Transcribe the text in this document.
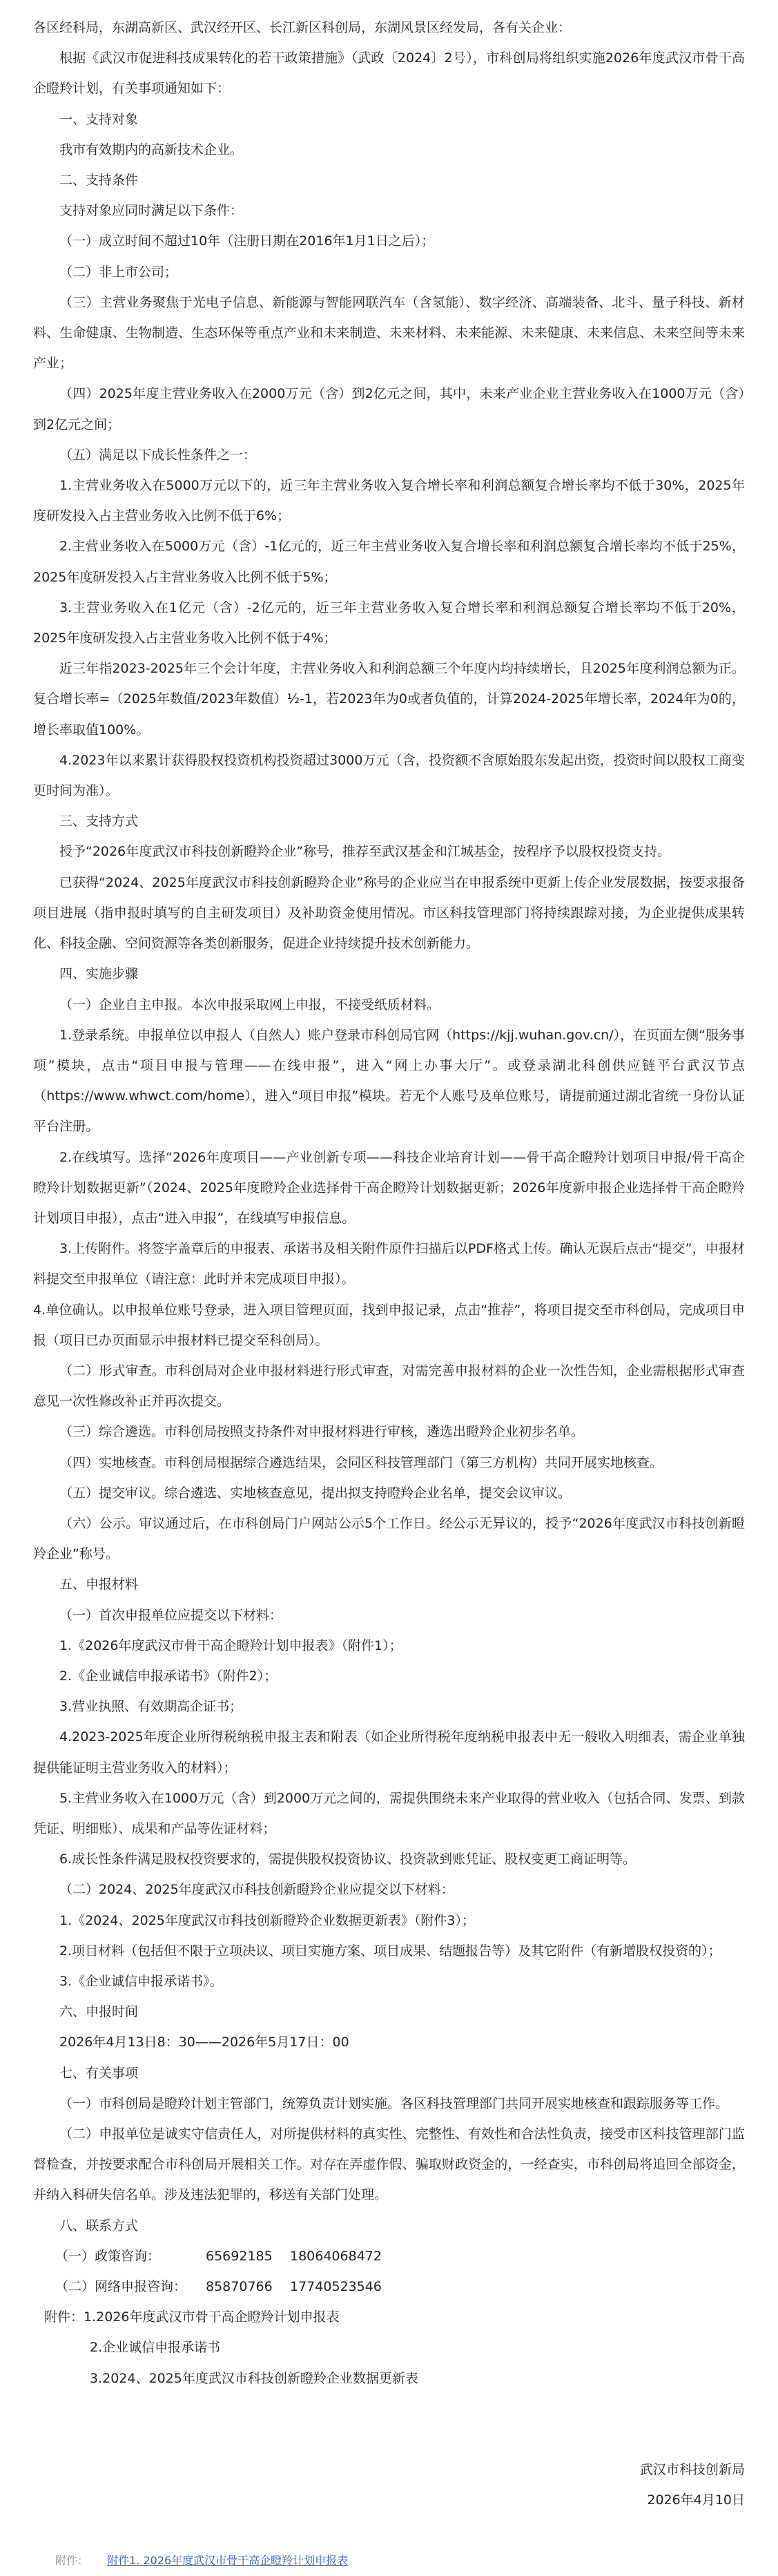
各区经科局，东湖高新区、武汉经开区、长江新区科创局，东湖风景区经发局，各有关企业：

根据《武汉市促进科技成果转化的若干政策措施》（武政〔2024〕2号），市科创局将组织实施2026年度武汉市骨干高企瞪羚计划，有关事项通知如下：

一、支持对象

我市有效期内的高新技术企业。

二、支持条件

支持对象应同时满足以下条件：

（一）成立时间不超过10年（注册日期在2016年1月1日之后）；

（二）非上市公司；

（三）主营业务聚焦于光电子信息、新能源与智能网联汽车（含氢能）、数字经济、高端装备、北斗、量子科技、新材料、生命健康、生物制造、生态环保等重点产业和未来制造、未来材料、未来能源、未来健康、未来信息、未来空间等未来产业；

（四）2025年度主营业务收入在2000万元（含）到2亿元之间，其中，未来产业企业主营业务收入在1000万元（含）到2亿元之间；

（五）满足以下成长性条件之一：

1.主营业务收入在5000万元以下的，近三年主营业务收入复合增长率和利润总额复合增长率均不低于30%，2025年度研发投入占主营业务收入比例不低于6%；

2.主营业务收入在5000万元（含）-1亿元的，近三年主营业务收入复合增长率和利润总额复合增长率均不低于25%，2025年度研发投入占主营业务收入比例不低于5%；

3.主营业务收入在1亿元（含）-2亿元的，近三年主营业务收入复合增长率和利润总额复合增长率均不低于20%，2025年度研发投入占主营业务收入比例不低于4%；

近三年指2023-2025年三个会计年度，主营业务收入和利润总额三个年度内均持续增长，且2025年度利润总额为正。复合增长率=（2025年数值/2023年数值）½-1，若2023年为0或者负值的，计算2024-2025年增长率，2024年为0的，增长率取值100%。

4.2023年以来累计获得股权投资机构投资超过3000万元（含，投资额不含原始股东发起出资，投资时间以股权工商变更时间为准）。

三、支持方式

授予“2026年度武汉市科技创新瞪羚企业”称号，推荐至武汉基金和江城基金，按程序予以股权投资支持。

已获得“2024、2025年度武汉市科技创新瞪羚企业”称号的企业应当在申报系统中更新上传企业发展数据，按要求报备项目进展（指申报时填写的自主研发项目）及补助资金使用情况。市区科技管理部门将持续跟踪对接，为企业提供成果转化、科技金融、空间资源等各类创新服务，促进企业持续提升技术创新能力。

四、实施步骤

（一）企业自主申报。本次申报采取网上申报，不接受纸质材料。

1.登录系统。申报单位以申报人（自然人）账户登录市科创局官网（https://kjj.wuhan.gov.cn/），在页面左侧“服务事项”模块，点击“项目申报与管理——在线申报”，进入“网上办事大厅”。或登录湖北科创供应链平台武汉节点（https://www.whwct.com/home），进入“项目申报”模块。若无个人账号及单位账号，请提前通过湖北省统一身份认证平台注册。

2.在线填写。选择“2026年度项目——产业创新专项——科技企业培育计划——骨干高企瞪羚计划项目申报/骨干高企瞪羚计划数据更新”（2024、2025年度瞪羚企业选择骨干高企瞪羚计划数据更新；2026年度新申报企业选择骨干高企瞪羚计划项目申报），点击“进入申报”，在线填写申报信息。

3.上传附件。将签字盖章后的申报表、承诺书及相关附件原件扫描后以PDF格式上传。确认无误后点击“提交”，申报材料提交至申报单位（请注意：此时并未完成项目申报）。

4.单位确认。以申报单位账号登录，进入项目管理页面，找到申报记录，点击“推荐”，将项目提交至市科创局，完成项目申报（项目已办页面显示申报材料已提交至科创局）。

（二）形式审查。市科创局对企业申报材料进行形式审查，对需完善申报材料的企业一次性告知，企业需根据形式审查意见一次性修改补正并再次提交。

（三）综合遴选。市科创局按照支持条件对申报材料进行审核，遴选出瞪羚企业初步名单。

（四）实地核查。市科创局根据综合遴选结果，会同区科技管理部门（第三方机构）共同开展实地核查。

（五）提交审议。综合遴选、实地核查意见，提出拟支持瞪羚企业名单，提交会议审议。

（六）公示。审议通过后，在市科创局门户网站公示5个工作日。经公示无异议的，授予“2026年度武汉市科技创新瞪羚企业”称号。

五、申报材料

（一）首次申报单位应提交以下材料：

1.《2026年度武汉市骨干高企瞪羚计划申报表》（附件1）；

2.《企业诚信申报承诺书》（附件2）；

3.营业执照、有效期高企证书；

4.2023-2025年度企业所得税纳税申报主表和附表（如企业所得税年度纳税申报表中无一般收入明细表，需企业单独提供能证明主营业务收入的材料）；

5.主营业务收入在1000万元（含）到2000万元之间的，需提供围绕未来产业取得的营业收入（包括合同、发票、到款凭证、明细账）、成果和产品等佐证材料；

6.成长性条件满足股权投资要求的，需提供股权投资协议、投资款到账凭证、股权变更工商证明等。

（二）2024、2025年度武汉市科技创新瞪羚企业应提交以下材料：

1.《2024、2025年度武汉市科技创新瞪羚企业数据更新表》（附件3）；

2.项目材料（包括但不限于立项决议、项目实施方案、项目成果、结题报告等）及其它附件（有新增股权投资的）；

3.《企业诚信申报承诺书》。

六、申报时间

2026年4月13日8：30——2026年5月17日：00

七、有关事项

（一）市科创局是瞪羚计划主管部门，统筹负责计划实施。各区科技管理部门共同开展实地核查和跟踪服务等工作。

（二）申报单位是诚实守信责任人，对所提供材料的真实性、完整性、有效性和合法性负责，接受市区科技管理部门监督检查，并按要求配合市科创局开展相关工作。对存在弄虚作假、骗取财政资金的，一经查实，市科创局将追回全部资金，并纳入科研失信名单。涉及违法犯罪的，移送有关部门处理。

八、联系方式

（一）政策咨询：	65692185	18064068472
（二）网络申报咨询：	85870766	17740523546
附件：1.2026年度武汉市骨干高企瞪羚计划申报表
2.企业诚信申报承诺书
3.2024、2025年度武汉市科技创新瞪羚企业数据更新表
武汉市科技创新局
2026年4月10日
附件： 附件1. 2026年度武汉市骨干高企瞪羚计划申报表
